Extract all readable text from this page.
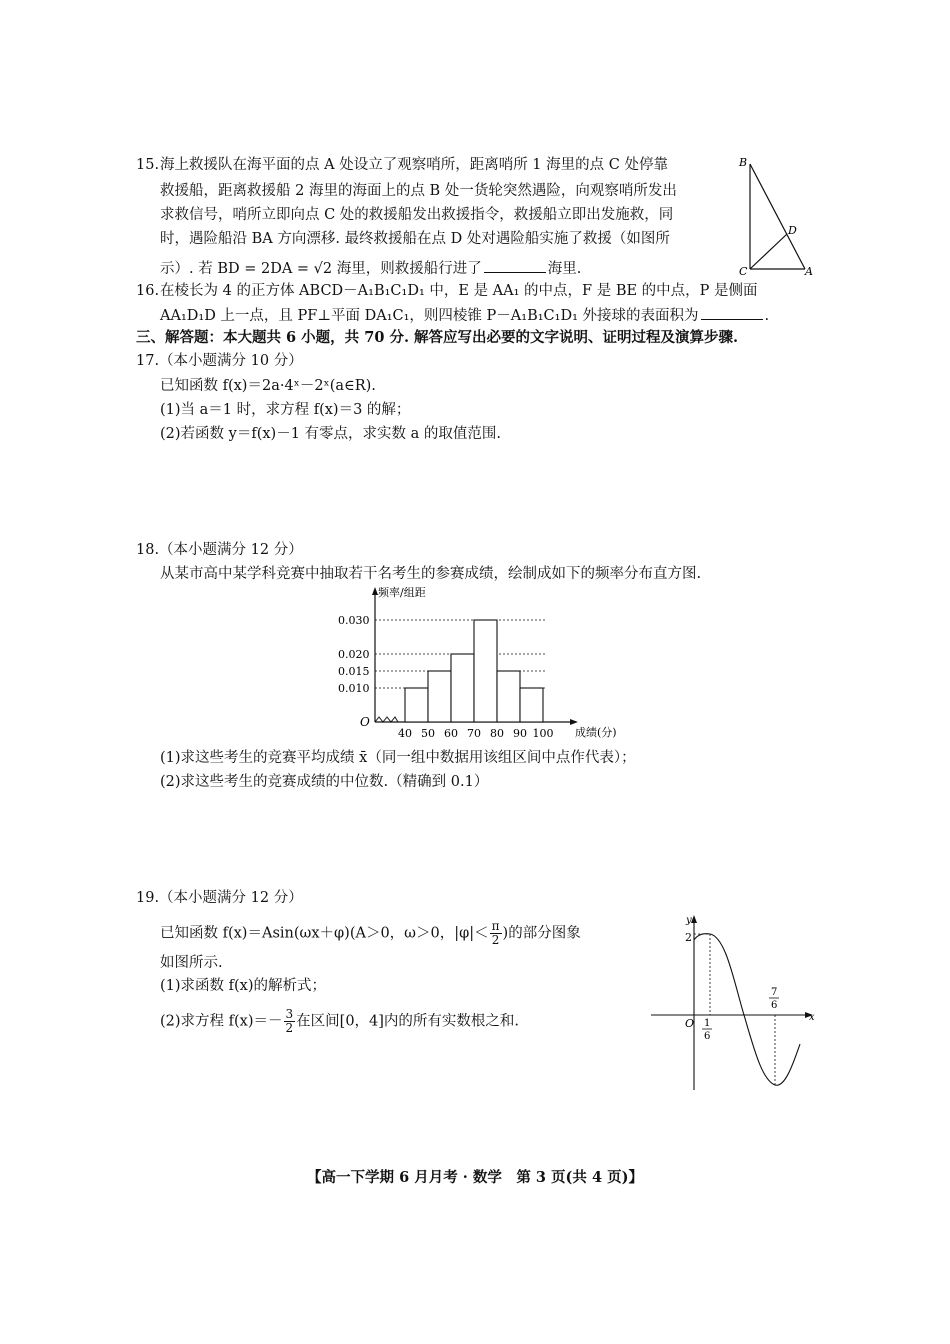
15. 海上救援队在海平面的点 A 处设立了观察哨所，距离哨所 1 海里的点 C 处停靠
救援船，距离救援船 2 海里的海面上的点 B 处一货轮突然遇险，向观察哨所发出
求救信号，哨所立即向点 C 处的救援船发出救援指令，救援船立即出发施救，同
时，遇险船沿 BA 方向漂移. 最终救援船在点 D 处对遇险船实施了救援（如图所
示）. 若 BD = 2DA = √2 海里，则救援船行进了	海里.
B
D
C	A
16. 在棱长为 4 的正方体 ABCD－A₁B₁C₁D₁ 中，E 是 AA₁ 的中点，F 是 BE 的中点，P 是侧面
AA₁D₁D 上一点，且 PF⊥平面 DA₁C₁，则四棱锥 P－A₁B₁C₁D₁ 外接球的表面积为	.
三、解答题：本大题共 6 小题，共 70 分. 解答应写出必要的文字说明、证明过程及演算步骤.
17.（本小题满分 10 分）
已知函数 f(x)＝2a·4ˣ－2ˣ(a∈R).
(1)当 a＝1 时，求方程 f(x)＝3 的解；
(2)若函数 y＝f(x)－1 有零点，求实数 a 的取值范围.
18.（本小题满分 12 分）
从某市高中某学科竞赛中抽取若干名考生的参赛成绩，绘制成如下的频率分布直方图.
频率/组距
成绩(分)
O
0.030
0.020
0.015
0.010
40 50 60 70 80 90 100
(1)求这些考生的竞赛平均成绩 x̄（同一组中数据用该组区间中点作代表）；
(2)求这些考生的竞赛成绩的中位数.（精确到 0.1）
19.（本小题满分 12 分）
已知函数 f(x)＝Asin(ωx＋φ)(A＞0，ω＞0，$|\varphi|< \frac{\pi}{2}$ )的部分图象
如图所示.
(1)求函数 f(x)的解析式；
(2)求方程 $f(x)=- \frac{3}{2}$ 在区间[0，4]内的所有实数根之和.
y
x
2
O 1
6
7
6
【高一下学期 6 月月考 · 数学　第 3 页(共 4 页)】
